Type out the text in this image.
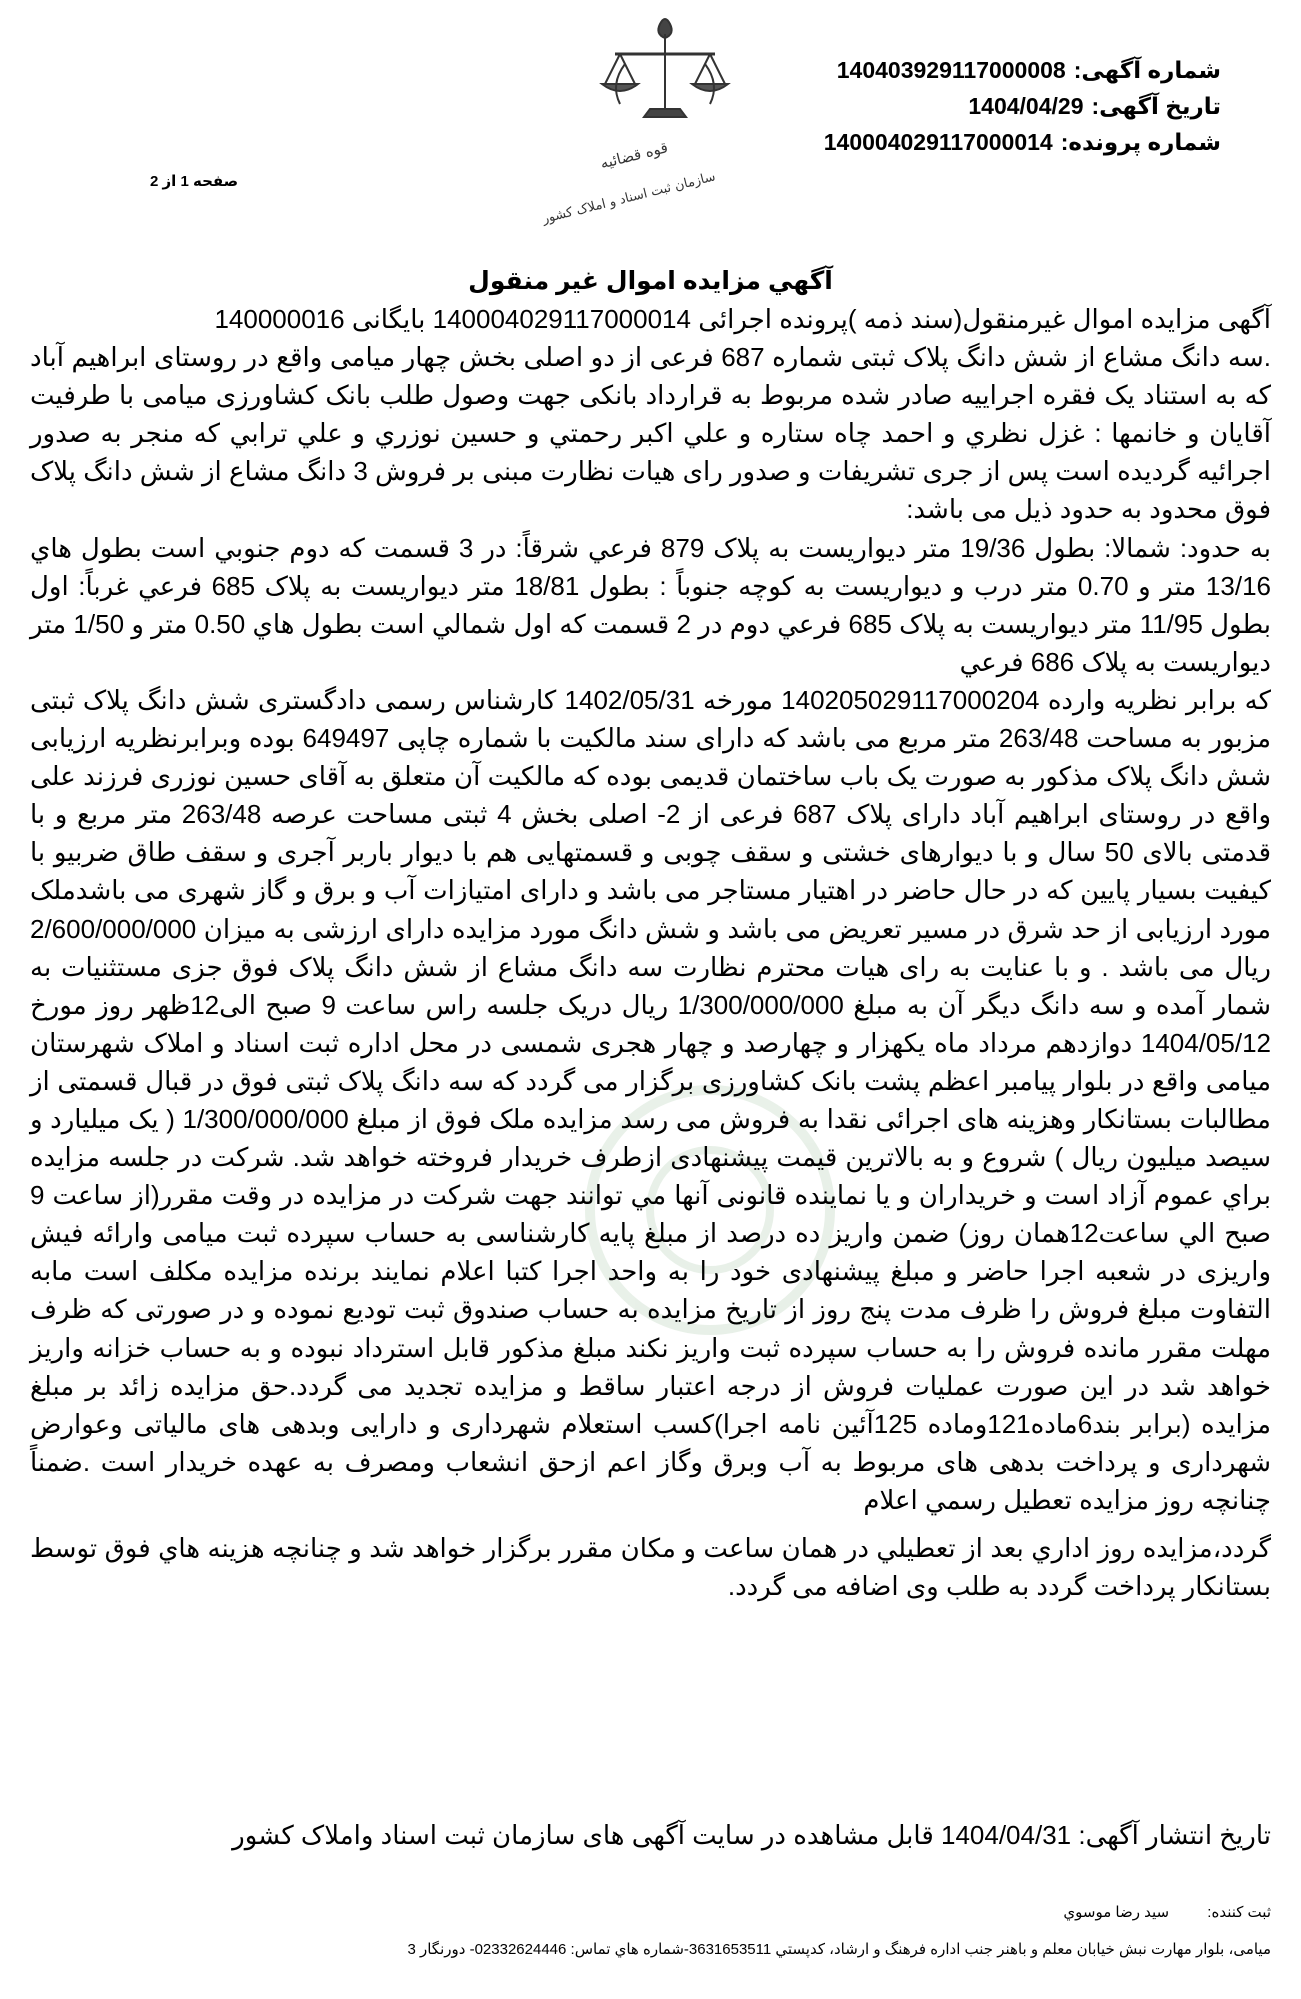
قوه قضائیه
سازمان ثبت اسناد و املاک کشور
شماره آگهی:140403929117000008
تاریخ آگهی:1404/04/29
شماره پرونده:140004029117000014
صفحه 1 از 2
آگهي مزايده اموال غير منقول

آگهی مزایده اموال غیرمنقول(سند ذمه )پرونده اجرائی 140004029117000014 بایگانی 140000016

.سه دانگ مشاع از شش دانگ پلاک ثبتی شماره 687 فرعی از دو اصلی بخش چهار میامی واقع در روستای ابراهیم آباد که به استناد یک فقره اجراییه صادر شده مربوط به قرارداد بانکی جهت وصول طلب بانک کشاورزی میامی با طرفیت آقایان و خانمها : غزل نظري و احمد چاه ستاره و علي اكبر رحمتي و حسين نوزري و علي ترابي که منجر به صدور اجرائیه گردیده است پس از جری تشریفات و صدور رای هیات نظارت مبنی بر فروش 3 دانگ مشاع از شش دانگ پلاک فوق محدود به حدود ذیل می باشد:

به حدود: شمالا: بطول 19/36 متر ديواريست به پلاک 879 فرعي شرقاً: در 3 قسمت كه دوم جنوبي است بطول هاي 13/16 متر و 0.70 متر درب و ديواريست به كوچه جنوباً : بطول 18/81 متر ديواريست به پلاک 685 فرعي غرباً: اول بطول 11/95 متر ديواريست به پلاک 685 فرعي دوم در 2 قسمت كه اول شمالي است بطول هاي 0.50 متر و 1/50 متر ديواريست به پلاک 686 فرعي

که برابر نظریه وارده 140205029117000204 مورخه 1402/05/31 کارشناس رسمی دادگستری شش دانگ پلاک ثبتی مزبور به مساحت 263/48 متر مربع می باشد که دارای سند مالکیت با شماره چاپی 649497 بوده وبرابرنظریه ارزیابی شش دانگ پلاک مذکور به صورت یک باب ساختمان قدیمی بوده که مالکیت آن متعلق به آقای حسین نوزری فرزند علی واقع در روستای ابراهیم آباد دارای پلاک 687 فرعی از 2- اصلی بخش 4 ثبتی مساحت عرصه 263/48 متر مربع و با قدمتی بالای 50 سال و با دیوارهای خشتی و سقف چوبی و قسمتهایی هم با دیوار باربر آجری و سقف طاق ضربیو با کیفیت بسیار پایین که در حال حاضر در اهتیار مستاجر می باشد و دارای امتیازات آب و برق و گاز شهری می باشدملک مورد ارزیابی از حد شرق در مسیر تعریض می باشد و شش دانگ مورد مزایده دارای ارزشی به میزان 2/600/000/000 ریال می باشد . و با عنایت به رای هیات محترم نظارت سه دانگ مشاع از شش دانگ پلاک فوق جزی مستثنیات به شمار آمده و سه دانگ دیگر آن به مبلغ 1/300/000/000 ریال دریک جلسه راس ساعت 9 صبح الی12ظهر روز مورخ 1404/05/12 دوازدهم مرداد ماه یکهزار و چهارصد و چهار هجری شمسی در محل اداره ثبت اسناد و املاک شهرستان میامی واقع در بلوار پیامبر اعظم پشت بانک کشاورزی برگزار می گردد که سه دانگ پلاک ثبتی فوق در قبال قسمتی از مطالبات بستانکار وهزینه های اجرائی نقدا به فروش می رسد مزایده ملک فوق از مبلغ 1/300/000/000 ( یک میلیارد و سیصد میلیون ریال ) شروع و به بالاترین قیمت پیشنهادی ازطرف خریدار فروخته خواهد شد. شرکت در جلسه مزایده براي عموم آزاد است و خریداران و یا نماینده قانونی آنها مي توانند جهت شرکت در مزایده در وقت مقرر(از ساعت 9 صبح الي ساعت12همان روز) ضمن واریز ده درصد از مبلغ پایه کارشناسی به حساب سپرده ثبت میامی وارائه فیش واریزی در شعبه اجرا حاضر و مبلغ پیشنهادی خود را به واحد اجرا کتبا اعلام نمایند برنده مزایده مکلف است مابه التفاوت مبلغ فروش را ظرف مدت پنج روز از تاریخ مزایده به حساب صندوق ثبت تودیع نموده و در صورتی که ظرف مهلت مقرر مانده فروش را به حساب سپرده ثبت واریز نکند مبلغ مذکور قابل استرداد نبوده و به حساب خزانه واریز خواهد شد در این صورت عملیات فروش از درجه اعتبار ساقط و مزایده تجدید می گردد.حق مزایده زائد بر مبلغ مزایده (برابر بند6ماده121وماده 125آئین نامه اجرا)کسب استعلام شهرداری و دارایی وبدهی های مالیاتی وعوارض شهرداری و پرداخت بدهی های مربوط به آب وبرق وگاز اعم ازحق انشعاب ومصرف به عهده خریدار است .ضمناً چنانچه روز مزایده تعطیل رسمي اعلام

گردد،مزايده روز اداري بعد از تعطيلي در همان ساعت و مكان مقرر برگزار خواهد شد و چنانچه هزينه هاي فوق توسط بستانكار پرداخت گردد به طلب وی اضافه می گردد.

تاریخ انتشار آگهی: 1404/04/31 قابل مشاهده در سایت آگهی های سازمان ثبت اسناد واملاک کشور
ثبت کننده: سيد رضا موسوي
میامی، بلوار مهارت نبش خیابان معلم و باهنر جنب اداره فرهنگ و ارشاد، کدپستي 3631653511-شماره هاي تماس: 02332624446- دورنگار 3
